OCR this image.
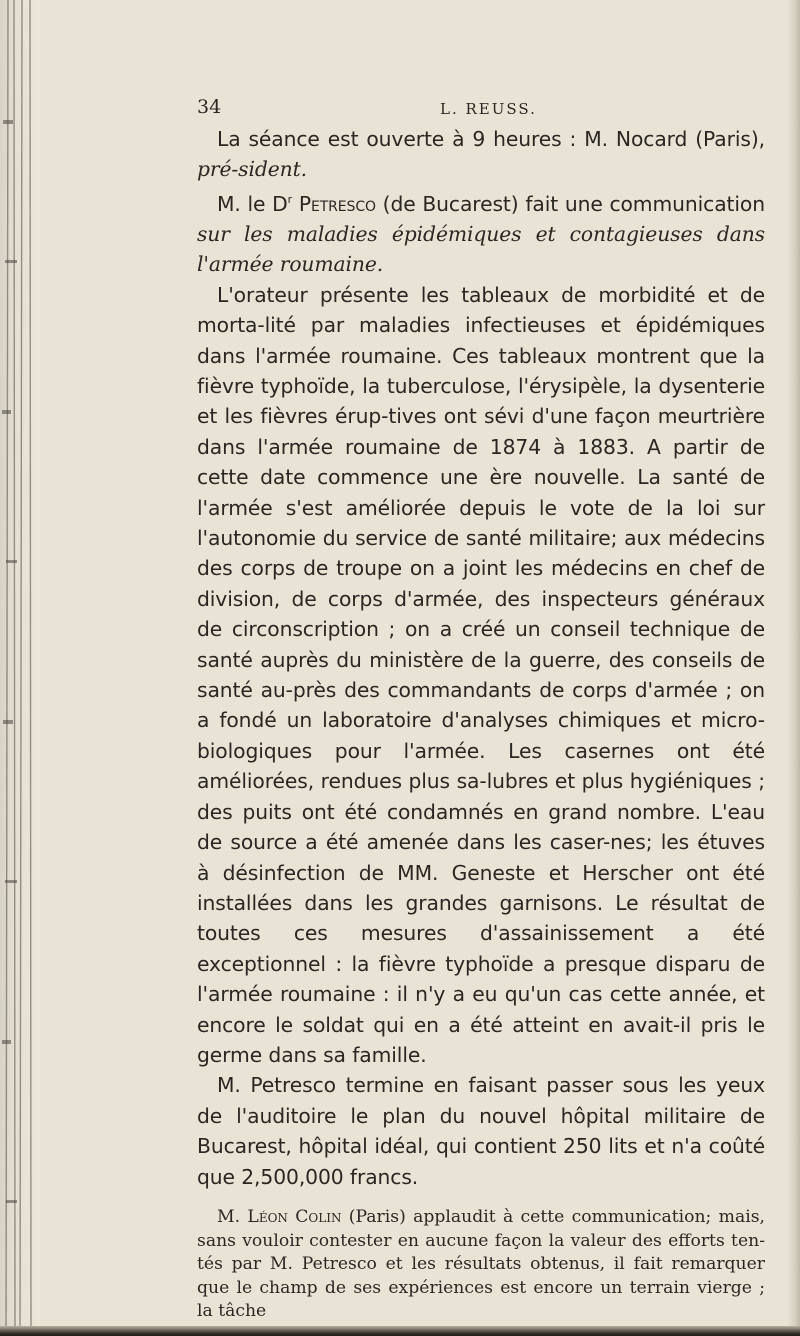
34	L. REUSS.

La séance est ouverte à 9 heures : M. Nocard (Paris), pré-sident.

M. le $D^r$ Petresco (de Bucarest) fait une communication sur les maladies épidémiques et contagieuses dans l'armée roumaine.

L'orateur présente les tableaux de morbidité et de morta-lité par maladies infectieuses et épidémiques dans l'armée roumaine. Ces tableaux montrent que la fièvre typhoïde, la tuberculose, l'érysipèle, la dysenterie et les fièvres érup-tives ont sévi d'une façon meurtrière dans l'armée roumaine de 1874 à 1883. A partir de cette date commence une ère nouvelle. La santé de l'armée s'est améliorée depuis le vote de la loi sur l'autonomie du service de santé militaire; aux médecins des corps de troupe on a joint les médecins en chef de division, de corps d'armée, des inspecteurs généraux de circonscription ; on a créé un conseil technique de santé auprès du ministère de la guerre, des conseils de santé au-près des commandants de corps d'armée ; on a fondé un laboratoire d'analyses chimiques et micro-biologiques pour l'armée. Les casernes ont été améliorées, rendues plus sa-lubres et plus hygiéniques ; des puits ont été condamnés en grand nombre. L'eau de source a été amenée dans les caser-nes; les étuves à désinfection de MM. Geneste et Herscher ont été installées dans les grandes garnisons. Le résultat de toutes ces mesures d'assainissement a été exceptionnel : la fièvre typhoïde a presque disparu de l'armée roumaine : il n'y a eu qu'un cas cette année, et encore le soldat qui en a été atteint en avait-il pris le germe dans sa famille.

M. Petresco termine en faisant passer sous les yeux de l'auditoire le plan du nouvel hôpital militaire de Bucarest, hôpital idéal, qui contient 250 lits et n'a coûté que 2,500,000 francs.

M. Léon Colin (Paris) applaudit à cette communication; mais, sans vouloir contester en aucune façon la valeur des efforts ten-tés par M. Petresco et les résultats obtenus, il fait remarquer que le champ de ses expériences est encore un terrain vierge ; la tâche
